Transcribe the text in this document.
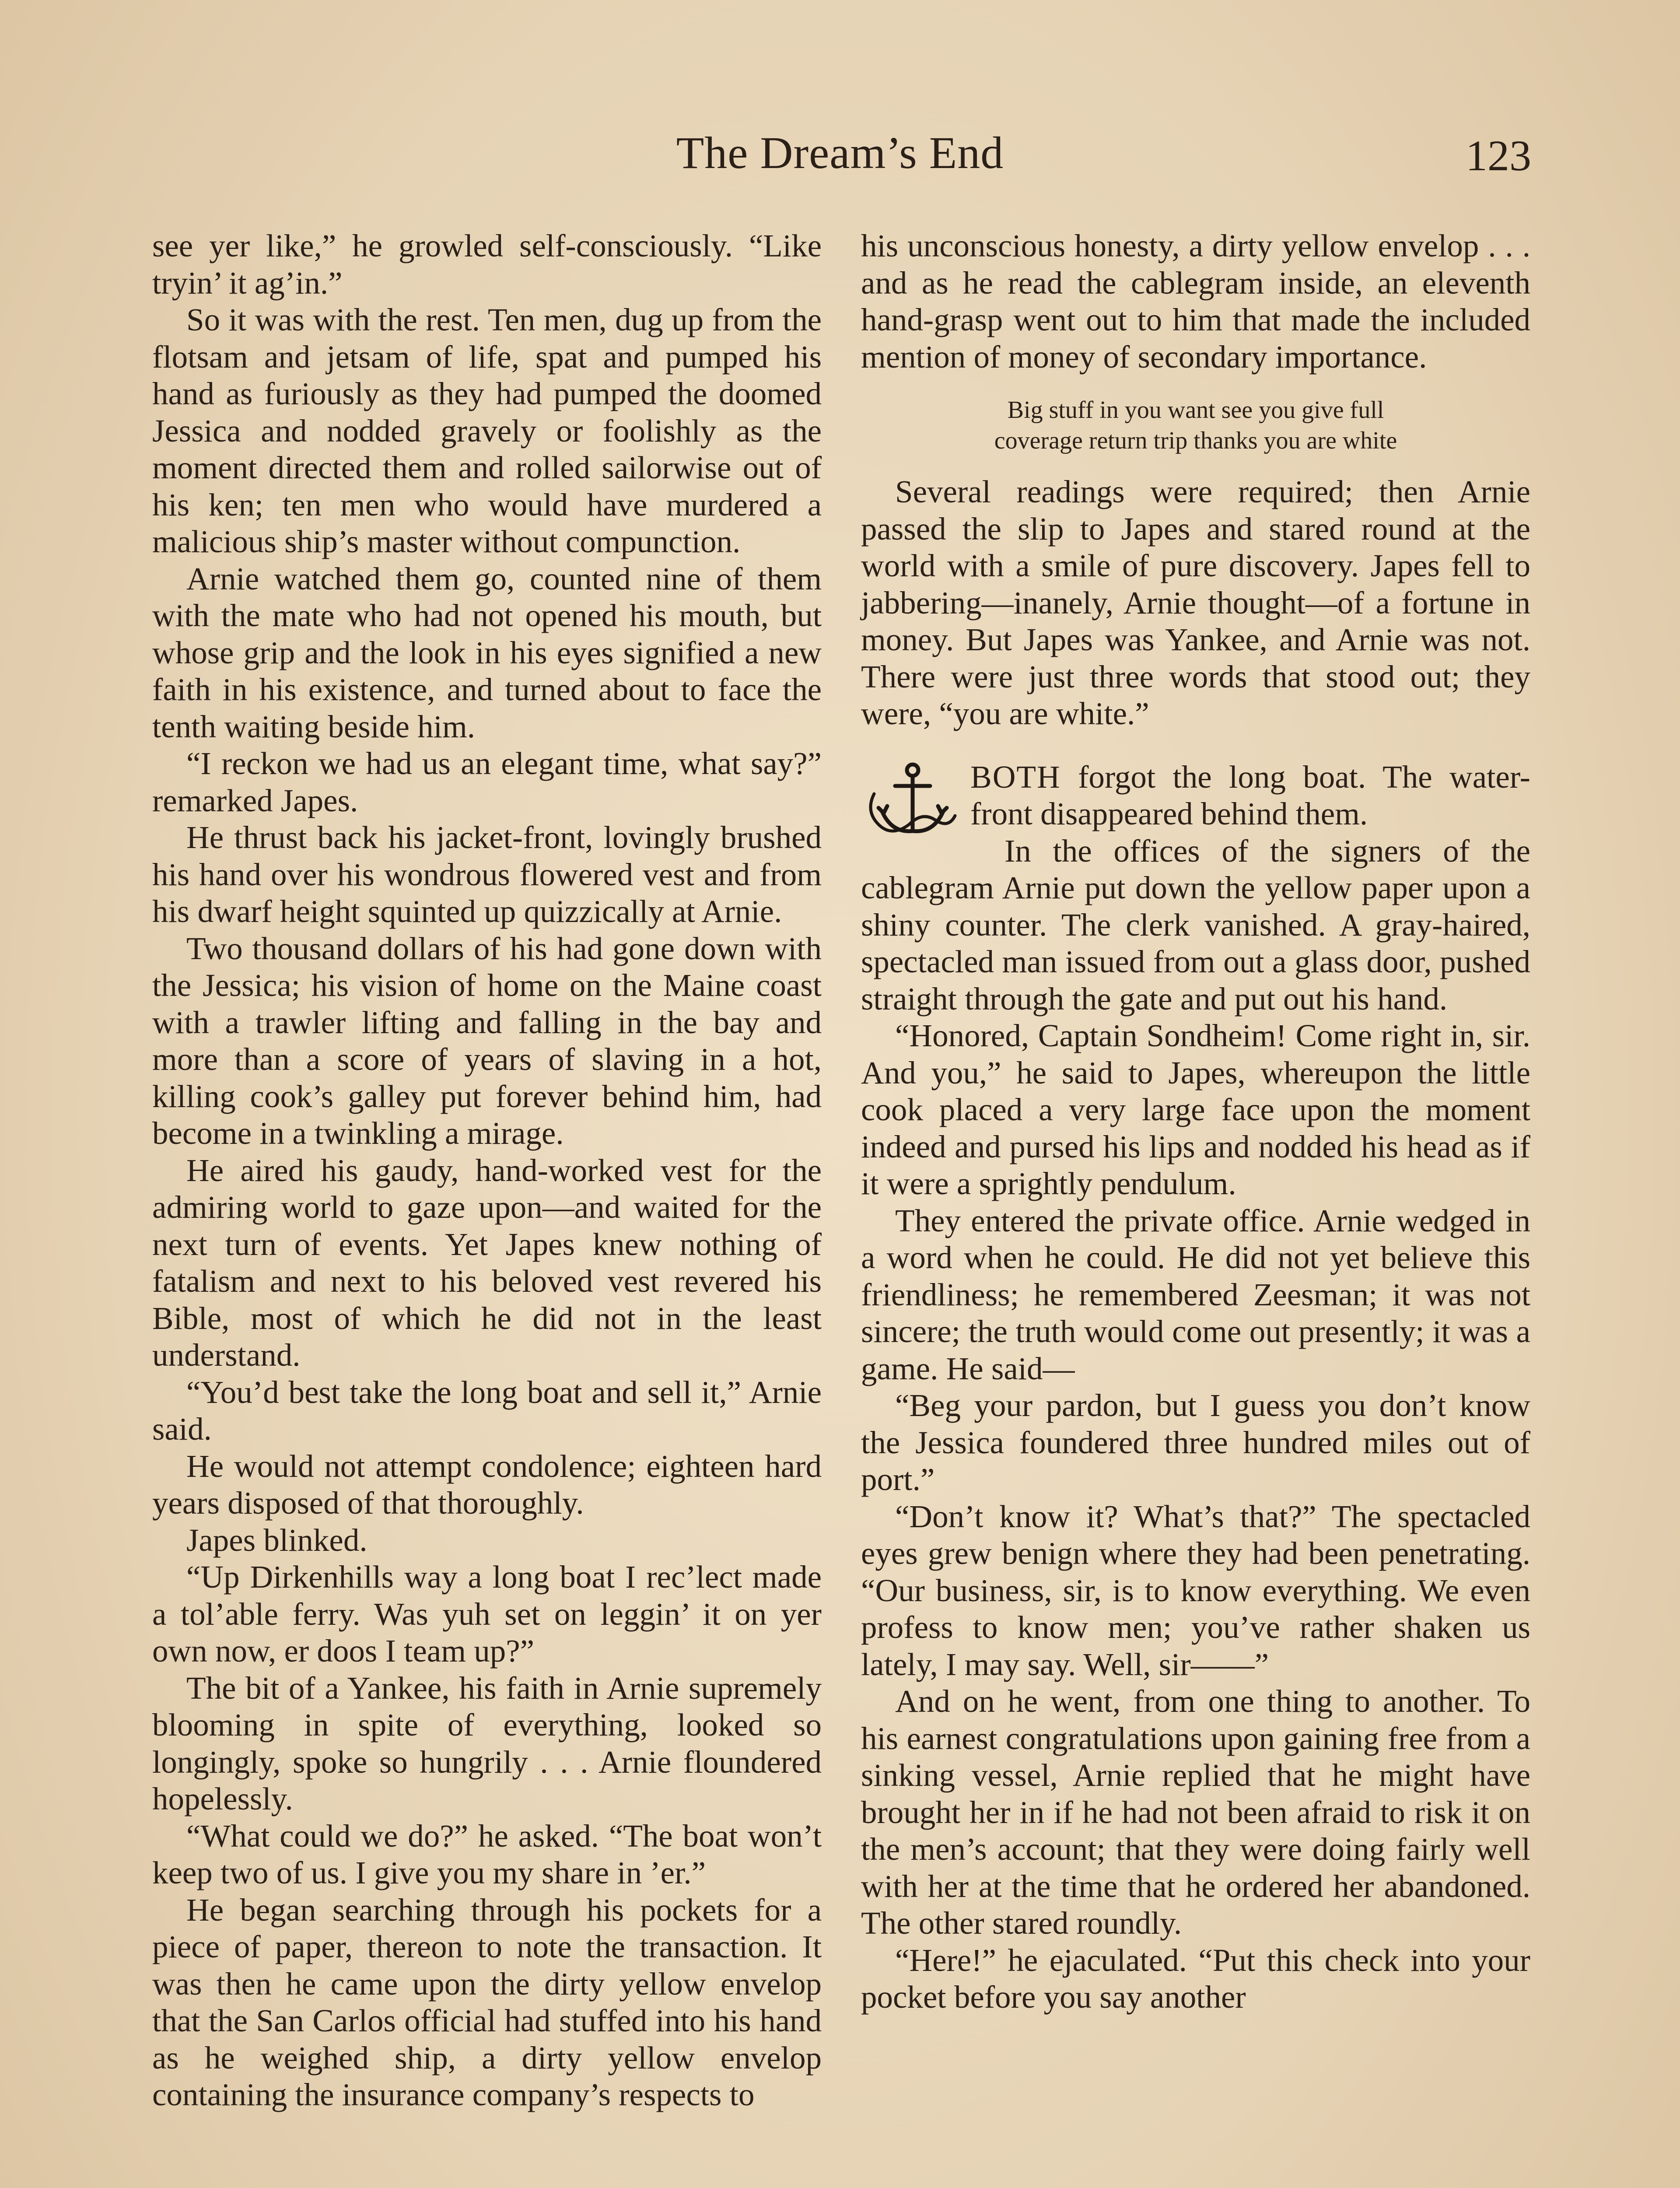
The Dream’s End	123

see yer like,” he growled self-consciously. “Like tryin’ it ag’in.”

So it was with the rest. Ten men, dug up from the flotsam and jetsam of life, spat and pumped his hand as furiously as they had pumped the doomed Jessica and nodded gravely or foolishly as the moment directed them and rolled sailorwise out of his ken; ten men who would have murdered a malicious ship’s master without compunction.

Arnie watched them go, counted nine of them with the mate who had not opened his mouth, but whose grip and the look in his eyes signified a new faith in his existence, and turned about to face the tenth waiting beside him.

“I reckon we had us an elegant time, what say?” remarked Japes.

He thrust back his jacket-front, lovingly brushed his hand over his wondrous flowered vest and from his dwarf height squinted up quizzically at Arnie.

Two thousand dollars of his had gone down with the Jessica; his vision of home on the Maine coast with a trawler lifting and falling in the bay and more than a score of years of slaving in a hot, killing cook’s galley put forever behind him, had become in a twinkling a mirage.

He aired his gaudy, hand-worked vest for the admiring world to gaze upon—and waited for the next turn of events. Yet Japes knew nothing of fatalism and next to his beloved vest revered his Bible, most of which he did not in the least understand.

“You’d best take the long boat and sell it,” Arnie said.

He would not attempt condolence; eighteen hard years disposed of that thoroughly.

Japes blinked.

“Up Dirkenhills way a long boat I rec’lect made a tol’able ferry. Was yuh set on leggin’ it on yer own now, er doos I team up?”

The bit of a Yankee, his faith in Arnie supremely blooming in spite of everything, looked so longingly, spoke so hungrily . . . Arnie floundered hopelessly.

“What could we do?” he asked. “The boat won’t keep two of us. I give you my share in ’er.”

He began searching through his pockets for a piece of paper, thereon to note the transaction. It was then he came upon the dirty yellow envelop that the San Carlos official had stuffed into his hand as he weighed ship, a dirty yellow envelop containing the insurance company’s respects to

his unconscious honesty, a dirty yellow envelop . . . and as he read the cablegram inside, an eleventh hand-grasp went out to him that made the included mention of money of secondary importance.

Big stuff in you want see you give full
coverage return trip thanks you are white

Several readings were required; then Arnie passed the slip to Japes and stared round at the world with a smile of pure discovery. Japes fell to jabbering—inanely, Arnie thought—of a fortune in money. But Japes was Yankee, and Arnie was not. There were just three words that stood out; they were, “you are white.”

BOTH forgot the long boat. The water-front disappeared behind them.

In the offices of the signers of the cablegram Arnie put down the yellow paper upon a shiny counter. The clerk vanished. A gray-haired, spectacled man issued from out a glass door, pushed straight through the gate and put out his hand.

“Honored, Captain Sondheim! Come right in, sir. And you,” he said to Japes, whereupon the little cook placed a very large face upon the moment indeed and pursed his lips and nodded his head as if it were a sprightly pendulum.

They entered the private office. Arnie wedged in a word when he could. He did not yet believe this friendliness; he remembered Zeesman; it was not sincere; the truth would come out presently; it was a game. He said—

“Beg your pardon, but I guess you don’t know the Jessica foundered three hundred miles out of port.”

“Don’t know it? What’s that?” The spectacled eyes grew benign where they had been penetrating. “Our business, sir, is to know everything. We even profess to know men; you’ve rather shaken us lately, I may say. Well, sir——”

And on he went, from one thing to another. To his earnest congratulations upon gaining free from a sinking vessel, Arnie replied that he might have brought her in if he had not been afraid to risk it on the men’s account; that they were doing fairly well with her at the time that he ordered her abandoned. The other stared roundly.

“Here!” he ejaculated. “Put this check into your pocket before you say another
